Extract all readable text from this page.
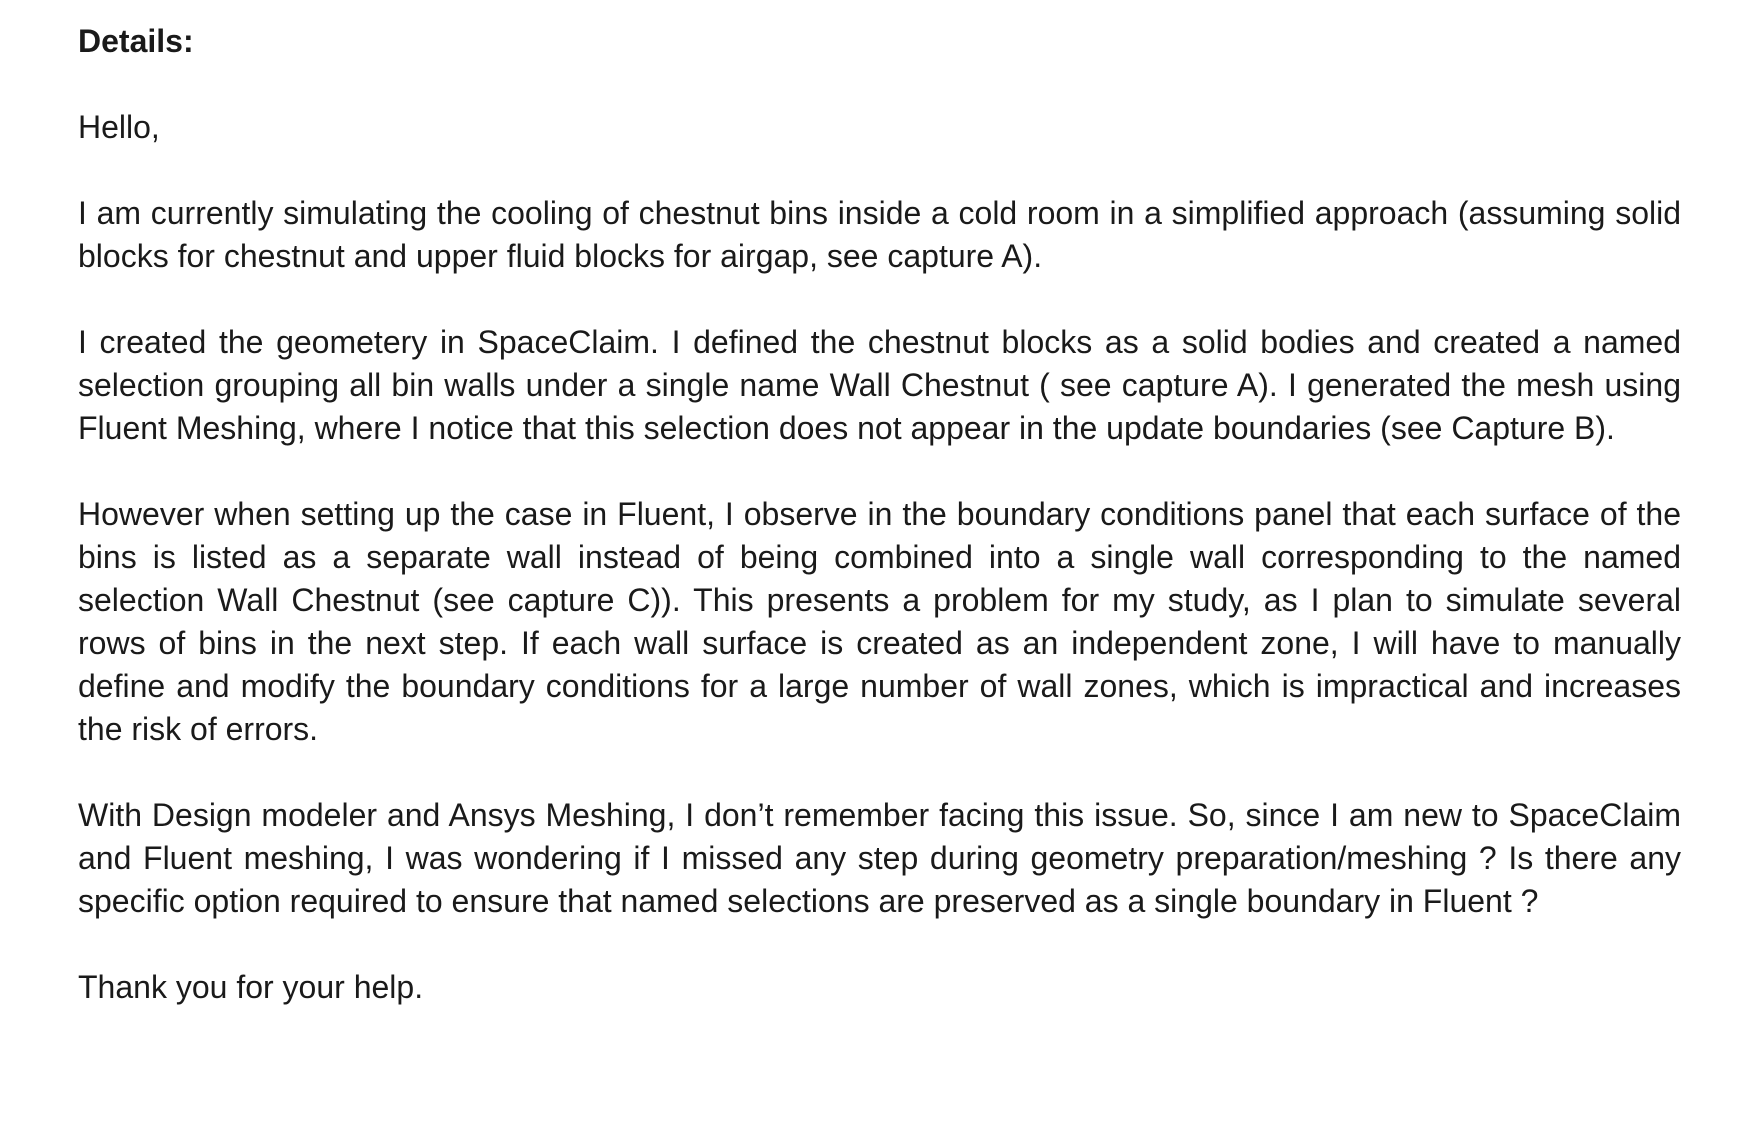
Details:
Hello,
I am currently simulating the cooling of chestnut bins inside a cold room in a simplified approach (assuming solid blocks for chestnut and upper fluid blocks for airgap, see capture A).
I created the geometery in SpaceClaim. I defined the chestnut blocks as a solid bodies and created a named selection grouping all bin walls under a single name Wall Chestnut ( see capture A). I generated the mesh using Fluent Meshing, where I notice that this selection does not appear in the update boundaries (see Capture B).
However when setting up the case in Fluent, I observe in the boundary conditions panel that each surface of the bins is listed as a separate wall instead of being combined into a single wall corresponding to the named selection Wall Chestnut (see capture C)). This presents a problem for my study, as I plan to simulate several rows of bins in the next step. If each wall surface is created as an independent zone, I will have to manually define and modify the boundary conditions for a large number of wall zones, which is impractical and increases the risk of errors.
With Design modeler and Ansys Meshing, I don’t remember facing this issue. So, since I am new to SpaceClaim and Fluent meshing, I was wondering if I missed any step during geometry preparation/meshing ? Is there any specific option required to ensure that named selections are preserved as a single boundary in Fluent ?
Thank you for your help.
